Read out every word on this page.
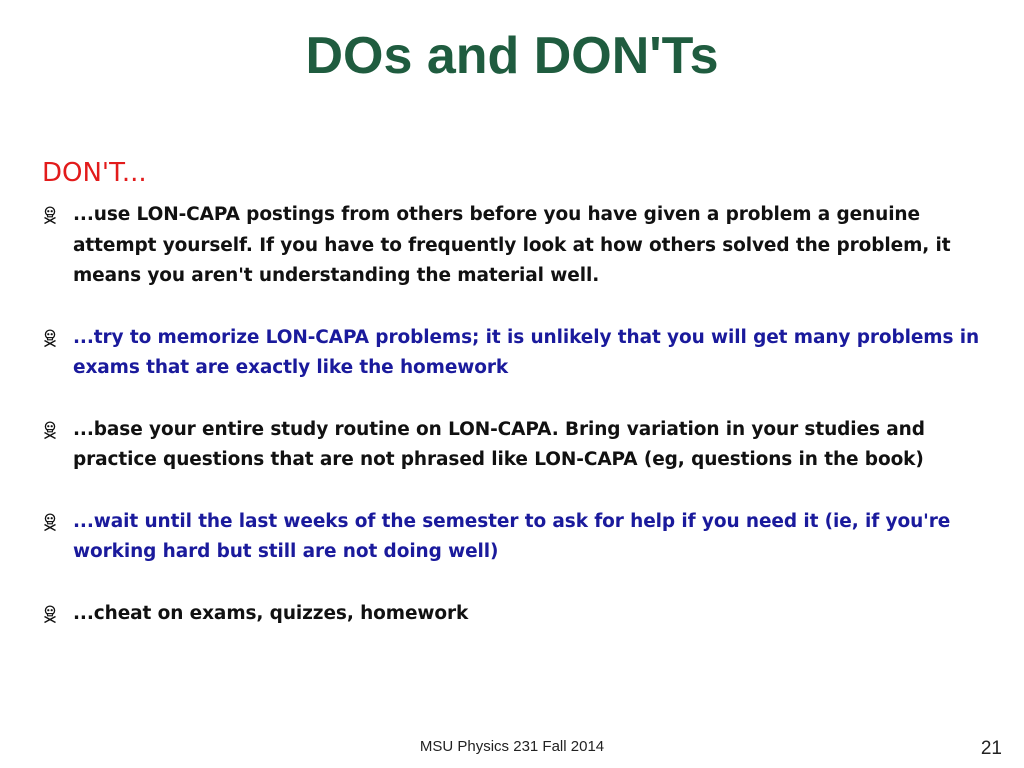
DOs and DON'Ts
DON'T...
...use LON-CAPA postings from others before you have given a problem a genuine attempt yourself. If you have to frequently look at how others solved the problem, it means you aren't understanding the material well.
...try to memorize LON-CAPA problems; it is unlikely that you will get many problems in exams that are exactly like the homework
...base your entire study routine on LON-CAPA. Bring variation in your studies and practice questions that are not phrased like LON-CAPA (eg, questions in the book)
...wait until the last weeks of the semester to ask for help if you need it (ie, if you're working hard but still are not doing well)
...cheat on exams, quizzes, homework
MSU Physics 231 Fall 2014	21
